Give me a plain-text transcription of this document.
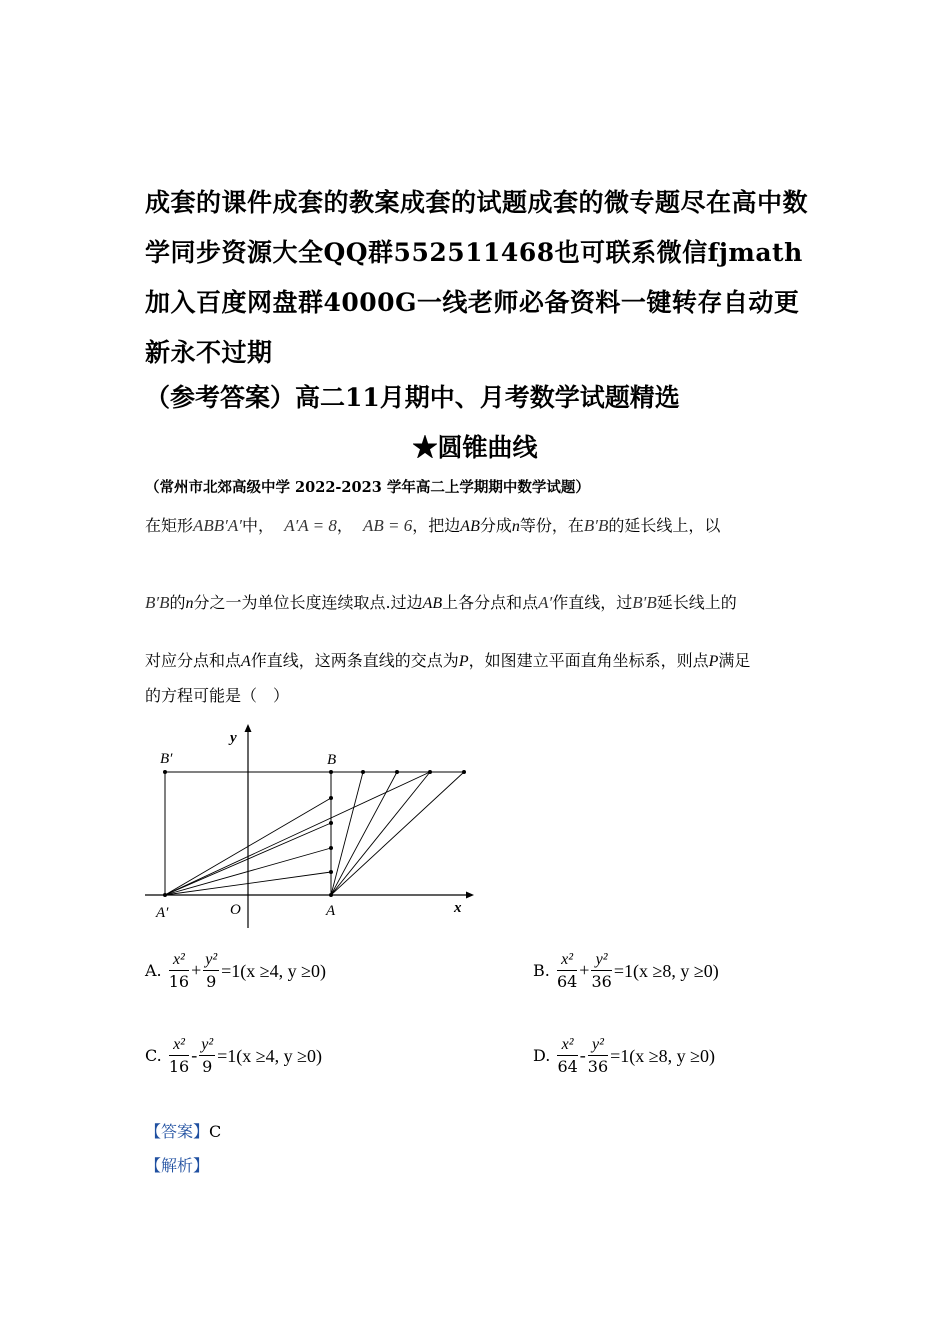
成套的课件成套的教案成套的试题成套的微专题尽在高中数学同步资源大全QQ群552511468也可联系微信fjmath加入百度网盘群4000G一线老师必备资料一键转存自动更新永不过期
（参考答案）高二11月期中、月考数学试题精选
★圆锥曲线
（常州市北郊高级中学 2022-2023 学年高二上学期期中数学试题）
在矩形ABB′A′中， A′A = 8， AB = 6，把边AB分成n等份，在B′B的延长线上，以
B′B的n分之一为单位长度连续取点.过边AB上各分点和点A′作直线，过B′B延长线上的
对应分点和点A作直线，这两条直线的交点为P，如图建立平面直角坐标系，则点P满足
的方程可能是（　）
y
x
B′	B
A′	O	A
A. $\frac{\text{x²}}{16} + \frac{\text{y²}}{9} =1(x \ge 4$, y ≥0)	B. $\frac{\text{x²}}{64} + \frac{\text{y²}}{36} =1(x \ge 8$, y ≥0)
C. $\frac{\text{x²}}{16} - \frac{\text{y²}}{9} =1(x \ge 4$, y ≥0)	D. $\frac{\text{x²}}{64} - \frac{\text{y²}}{36} =1(x \ge 8$, y ≥0)
【答案】C
【解析】
